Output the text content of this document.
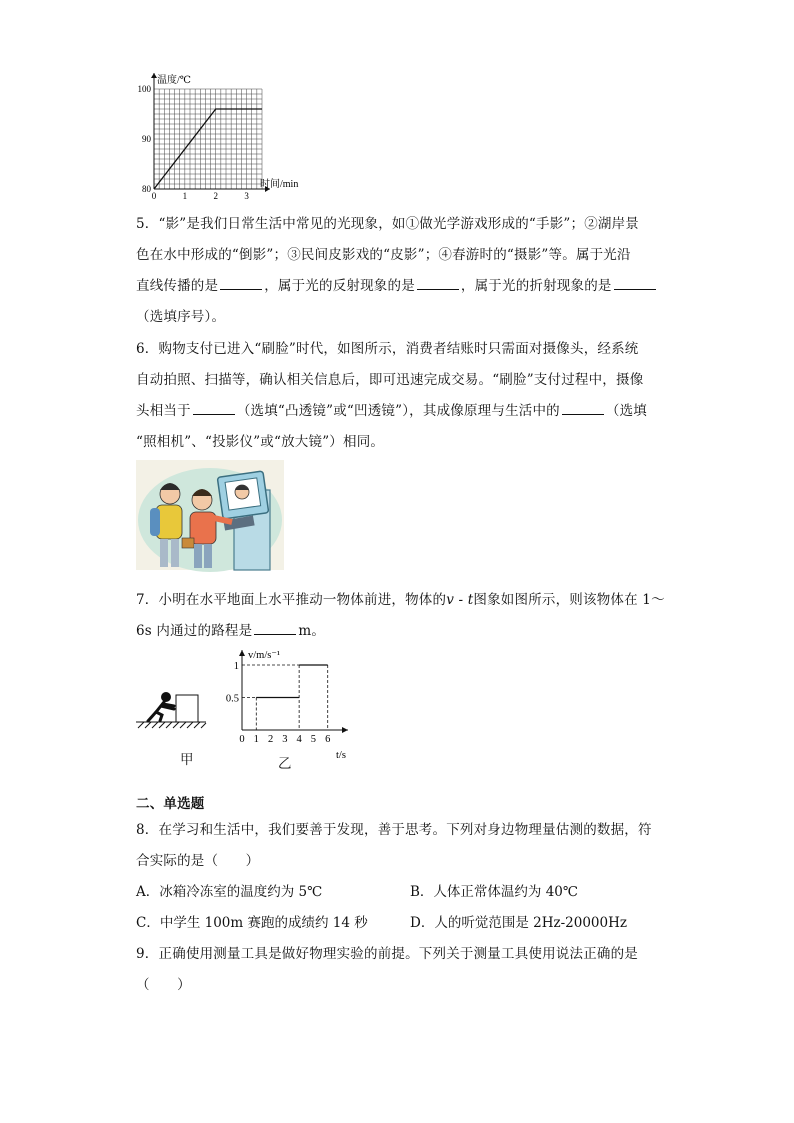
0	1	2	3
80
90
100
温度/℃
时间/min
5．“影”是我们日常生活中常见的光现象，如①做光学游戏形成的“手影”；②湖岸景
色在水中形成的“倒影”；③民间皮影戏的“皮影”；④春游时的“摄影”等。属于光沿
直线传播的是	，属于光的反射现象的是	，属于光的折射现象的是
（选填序号）。
6．购物支付已进入“刷脸”时代，如图所示，消费者结账时只需面对摄像头，经系统
自动拍照、扫描等，确认相关信息后，即可迅速完成交易。“刷脸”支付过程中，摄像
头相当于	（选填“凸透镜”或“凹透镜”），其成像原理与生活中的	（选填
“照相机”、“投影仪”或“放大镜”）相同。
7．小明在水平地面上水平推动一物体前进，物体的v - t图象如图所示，则该物体在 1～
6s 内通过的路程是	m。
甲
0 1 2 3 4 5 6
0.5
1
v/m/s⁻¹
t/s
乙
二、单选题
8．在学习和生活中，我们要善于发现，善于思考。下列对身边物理量估测的数据，符
合实际的是（　　）
A．冰箱冷冻室的温度约为 5℃	B．人体正常体温约为 40℃
C．中学生 100m 赛跑的成绩约 14 秒	D．人的听觉范围是 2Hz-20000Hz
9．正确使用测量工具是做好物理实验的前提。下列关于测量工具使用说法正确的是
（　　）
